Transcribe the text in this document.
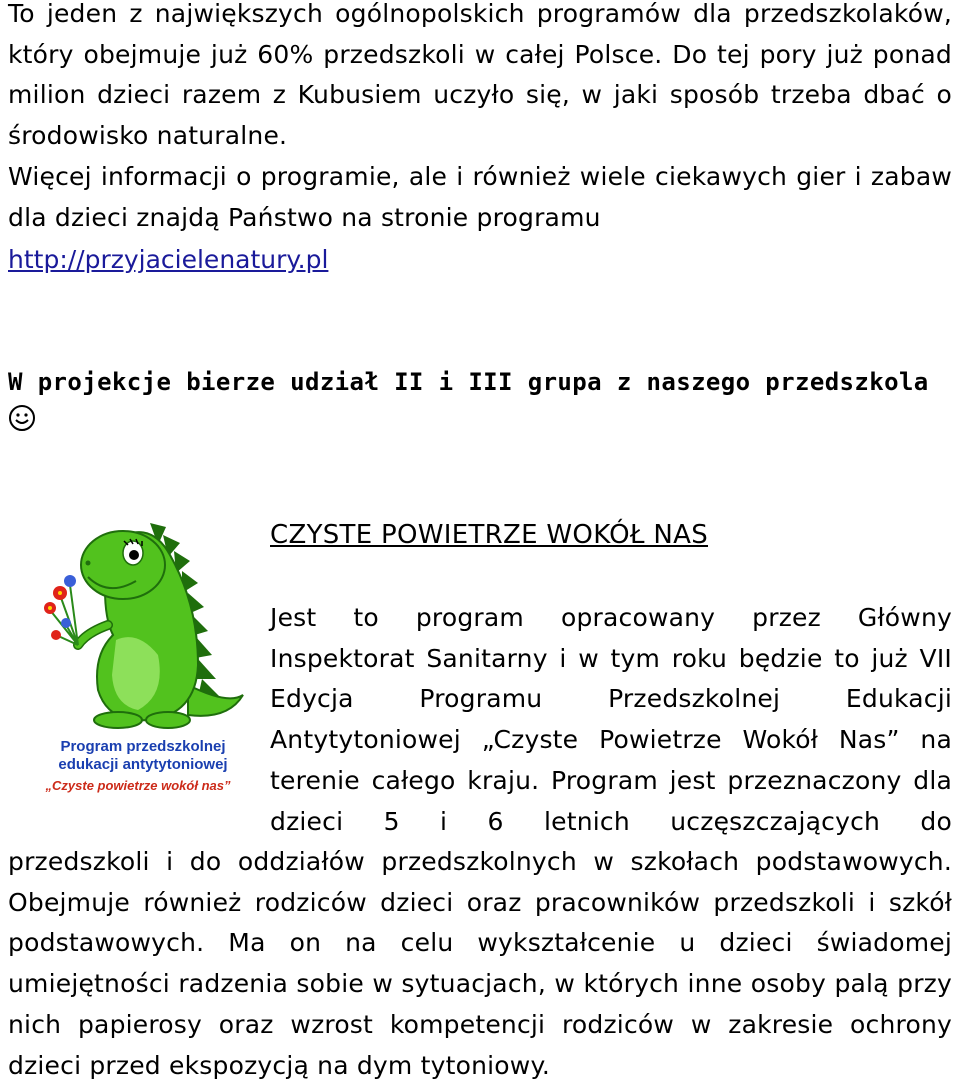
To jeden z największych ogólnopolskich programów dla przedszkolaków, który obejmuje już 60% przedszkoli w całej Polsce. Do tej pory już ponad milion dzieci razem z Kubusiem uczyło się, w jaki sposób trzeba dbać o środowisko naturalne.
Więcej informacji o programie, ale i również wiele ciekawych gier i zabaw dla dzieci znajdą Państwo na stronie programu
http://przyjacielenatury.pl
W projekcje bierze udział II i III grupa z naszego przedszkola
CZYSTE POWIETRZE WOKÓŁ NAS
Program przedszkolnej
edukacji antytytoniowej
„Czyste powietrze wokół nas”
Jest to program opracowany przez Główny Inspektorat Sanitarny i w tym roku będzie to już VII Edycja Programu Przedszkolnej Edukacji Antytytoniowej „Czyste Powietrze Wokół Nas” na terenie całego kraju. Program jest przeznaczony dla dzieci 5 i 6 letnich uczęszczających do
przedszkoli i do oddziałów przedszkolnych w szkołach podstawowych. Obejmuje również rodziców dzieci oraz pracowników przedszkoli i szkół podstawowych. Ma on na celu wykształcenie u dzieci świadomej umiejętności radzenia sobie w sytuacjach, w których inne osoby palą przy nich papierosy oraz wzrost kompetencji rodziców w zakresie ochrony dzieci przed ekspozycją na dym tytoniowy.
